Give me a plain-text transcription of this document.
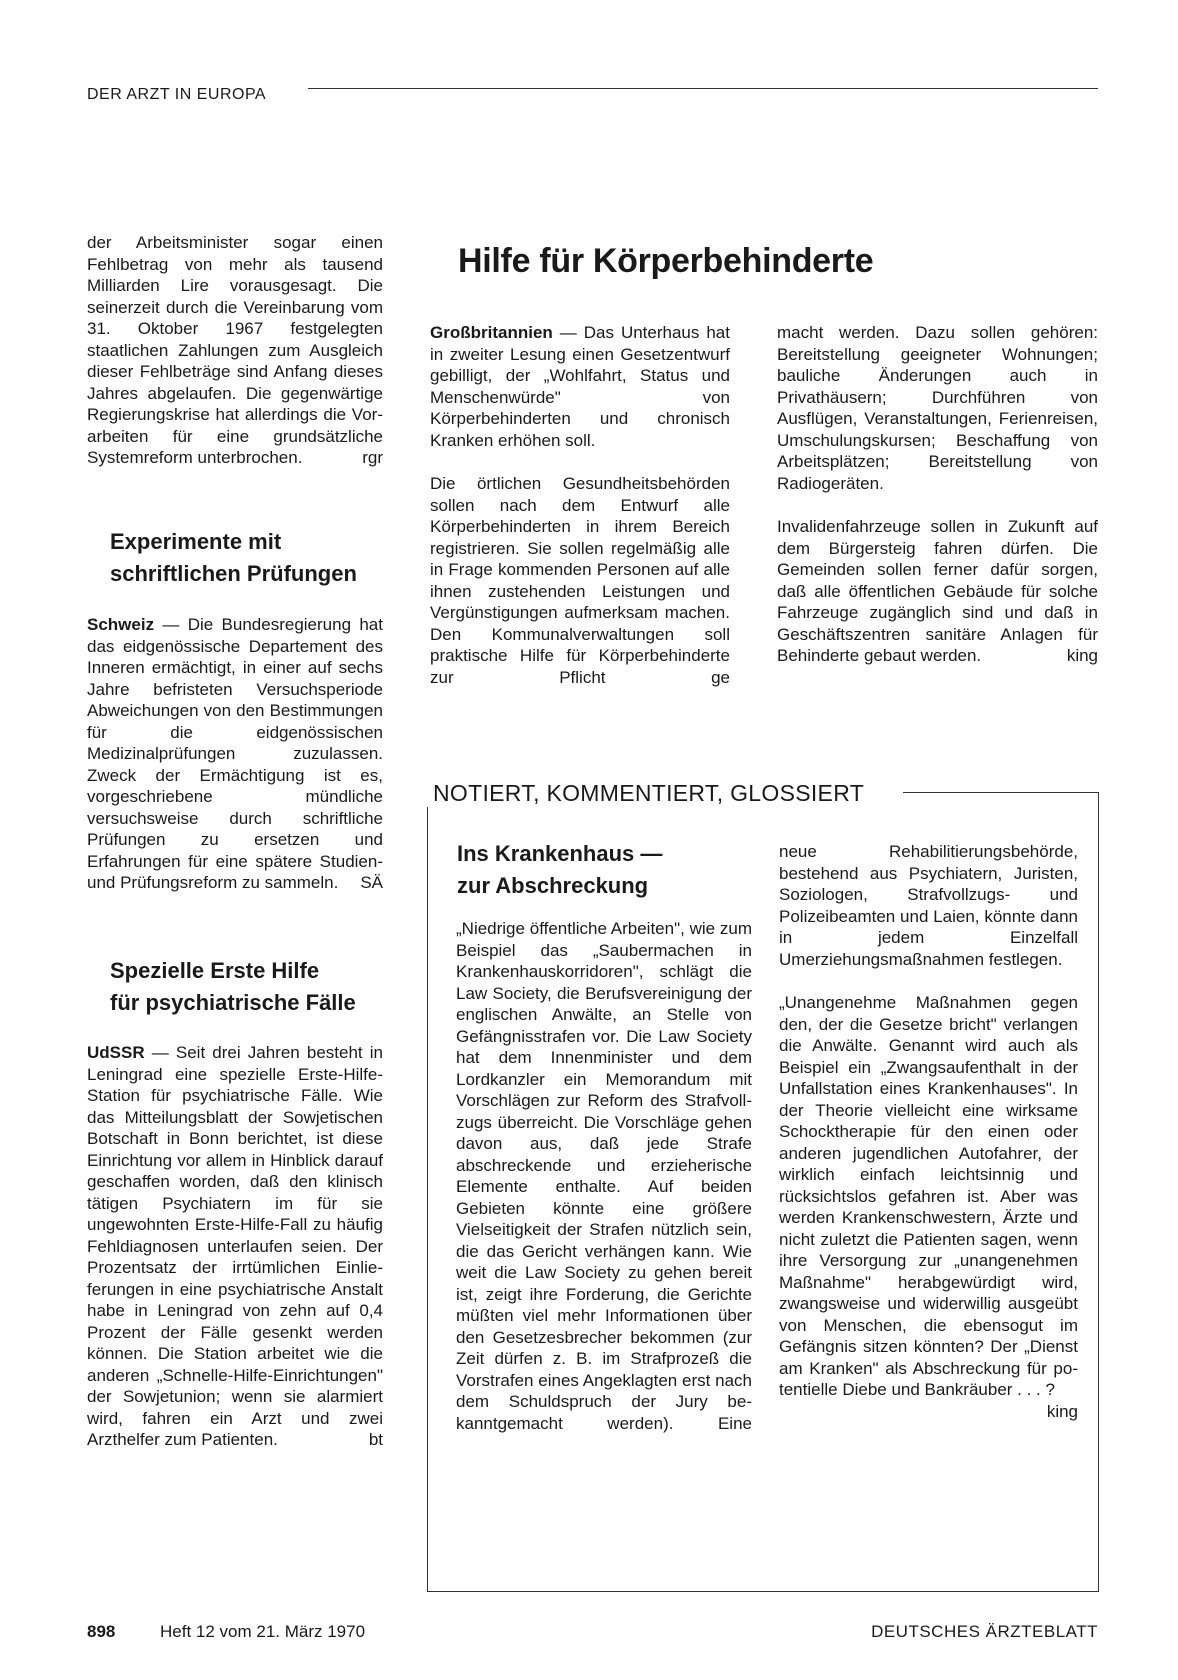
DER ARZT IN EUROPA

der Arbeitsminister sogar einen Fehlbetrag von mehr als tausend Milliarden Lire vorausgesagt. Die seinerzeit durch die Vereinbarung vom 31. Oktober 1967 festgelegten staatlichen Zahlungen zum Ausgleich dieser Fehlbeträge sind Anfang dieses Jahres abgelaufen. Die gegenwärtige Regierungskrise hat allerdings die Vorarbeiten für eine grundsätzliche Systemreform unterbrochen.	rgr

Experimente mit
schriftlichen Prüfungen

Schweiz — Die Bundesregierung hat das eidgenössische Departement des Inneren ermächtigt, in einer auf sechs Jahre befristeten Versuchsperiode Abweichungen von den Bestimmungen für die eidgenössischen Medizinalprüfungen zuzulassen. Zweck der Ermächtigung ist es, vorgeschriebene mündliche versuchsweise durch schriftliche Prüfungen zu ersetzen und Erfahrungen für eine spätere Studien- und Prüfungsreform zu sammeln.	SÄ

Spezielle Erste Hilfe
für psychiatrische Fälle

UdSSR — Seit drei Jahren besteht in Leningrad eine spezielle Erste-Hilfe-Station für psychiatrische Fälle. Wie das Mitteilungsblatt der Sowjetischen Botschaft in Bonn berichtet, ist diese Einrichtung vor allem in Hinblick darauf geschaffen worden, daß den klinisch tätigen Psychiatern im für sie ungewohnten Erste-Hilfe-Fall zu häufig Fehldiagnosen unterlaufen seien. Der Prozentsatz der irrtümlichen Einlieferungen in eine psychiatrische Anstalt habe in Leningrad von zehn auf 0,4 Prozent der Fälle gesenkt werden können. Die Station arbeitet wie die anderen „Schnelle-Hilfe-Einrichtungen" der Sowjetunion; wenn sie alarmiert wird, fahren ein Arzt und zwei Arzthelfer zum Patienten.	bt

Hilfe für Körperbehinderte

Großbritannien — Das Unterhaus hat in zweiter Lesung einen Gesetzentwurf gebilligt, der „Wohlfahrt, Status und Menschenwürde" von Körperbehinderten und chronisch Kranken erhöhen soll.

Die örtlichen Gesundheitsbehörden sollen nach dem Entwurf alle Körperbehinderten in ihrem Bereich registrieren. Sie sollen regelmäßig alle in Frage kommenden Personen auf alle ihnen zustehenden Leistungen und Vergünstigungen aufmerksam machen. Den Kommunalverwaltungen soll praktische Hilfe für Körperbehinderte zur Pflicht ge

macht werden. Dazu sollen gehören: Bereitstellung geeigneter Wohnungen; bauliche Änderungen auch in Privathäusern; Durchführen von Ausflügen, Veranstaltungen, Ferienreisen, Umschulungskursen; Beschaffung von Arbeitsplätzen; Bereitstellung von Radiogeräten.

Invalidenfahrzeuge sollen in Zukunft auf dem Bürgersteig fahren dürfen. Die Gemeinden sollen ferner dafür sorgen, daß alle öffentlichen Gebäude für solche Fahrzeuge zugänglich sind und daß in Geschäftszentren sanitäre Anlagen für Behinderte gebaut werden.	king

NOTIERT, KOMMENTIERT, GLOSSIERT
Ins Krankenhaus —
zur Abschreckung

„Niedrige öffentliche Arbeiten", wie zum Beispiel das „Saubermachen in Krankenhauskorridoren", schlägt die Law Society, die Berufsvereinigung der englischen Anwälte, an Stelle von Gefängnisstrafen vor. Die Law Society hat dem Innenminister und dem Lordkanzler ein Memorandum mit Vorschlägen zur Reform des Strafvollzugs überreicht. Die Vorschläge gehen davon aus, daß jede Strafe abschreckende und erzieherische Elemente enthalte. Auf beiden Gebieten könnte eine größere Vielseitigkeit der Strafen nützlich sein, die das Gericht verhängen kann. Wie weit die Law Society zu gehen bereit ist, zeigt ihre Forderung, die Gerichte müßten viel mehr Informationen über den Gesetzesbrecher bekommen (zur Zeit dürfen z. B. im Strafprozeß die Vorstrafen eines Angeklagten erst nach dem Schuldspruch der Jury bekanntgemacht werden). Eine

neue Rehabilitierungsbehörde, bestehend aus Psychiatern, Juristen, Soziologen, Strafvollzugs- und Polizeibeamten und Laien, könnte dann in jedem Einzelfall Umerziehungsmaßnahmen festlegen.

„Unangenehme Maßnahmen gegen den, der die Gesetze bricht" verlangen die Anwälte. Genannt wird auch als Beispiel ein „Zwangsaufenthalt in der Unfallstation eines Krankenhauses". In der Theorie vielleicht eine wirksame Schocktherapie für den einen oder anderen jugendlichen Autofahrer, der wirklich einfach leichtsinnig und rücksichtslos gefahren ist. Aber was werden Krankenschwestern, Ärzte und nicht zuletzt die Patienten sagen, wenn ihre Versorgung zur „unangenehmen Maßnahme" herabgewürdigt wird, zwangsweise und widerwillig ausgeübt von Menschen, die ebensogut im Gefängnis sitzen könnten? Der „Dienst am Kranken" als Abschreckung für potentielle Diebe und Bankräuber . . . ?
king

898	Heft 12 vom 21. März 1970	DEUTSCHES ÄRZTEBLATT
